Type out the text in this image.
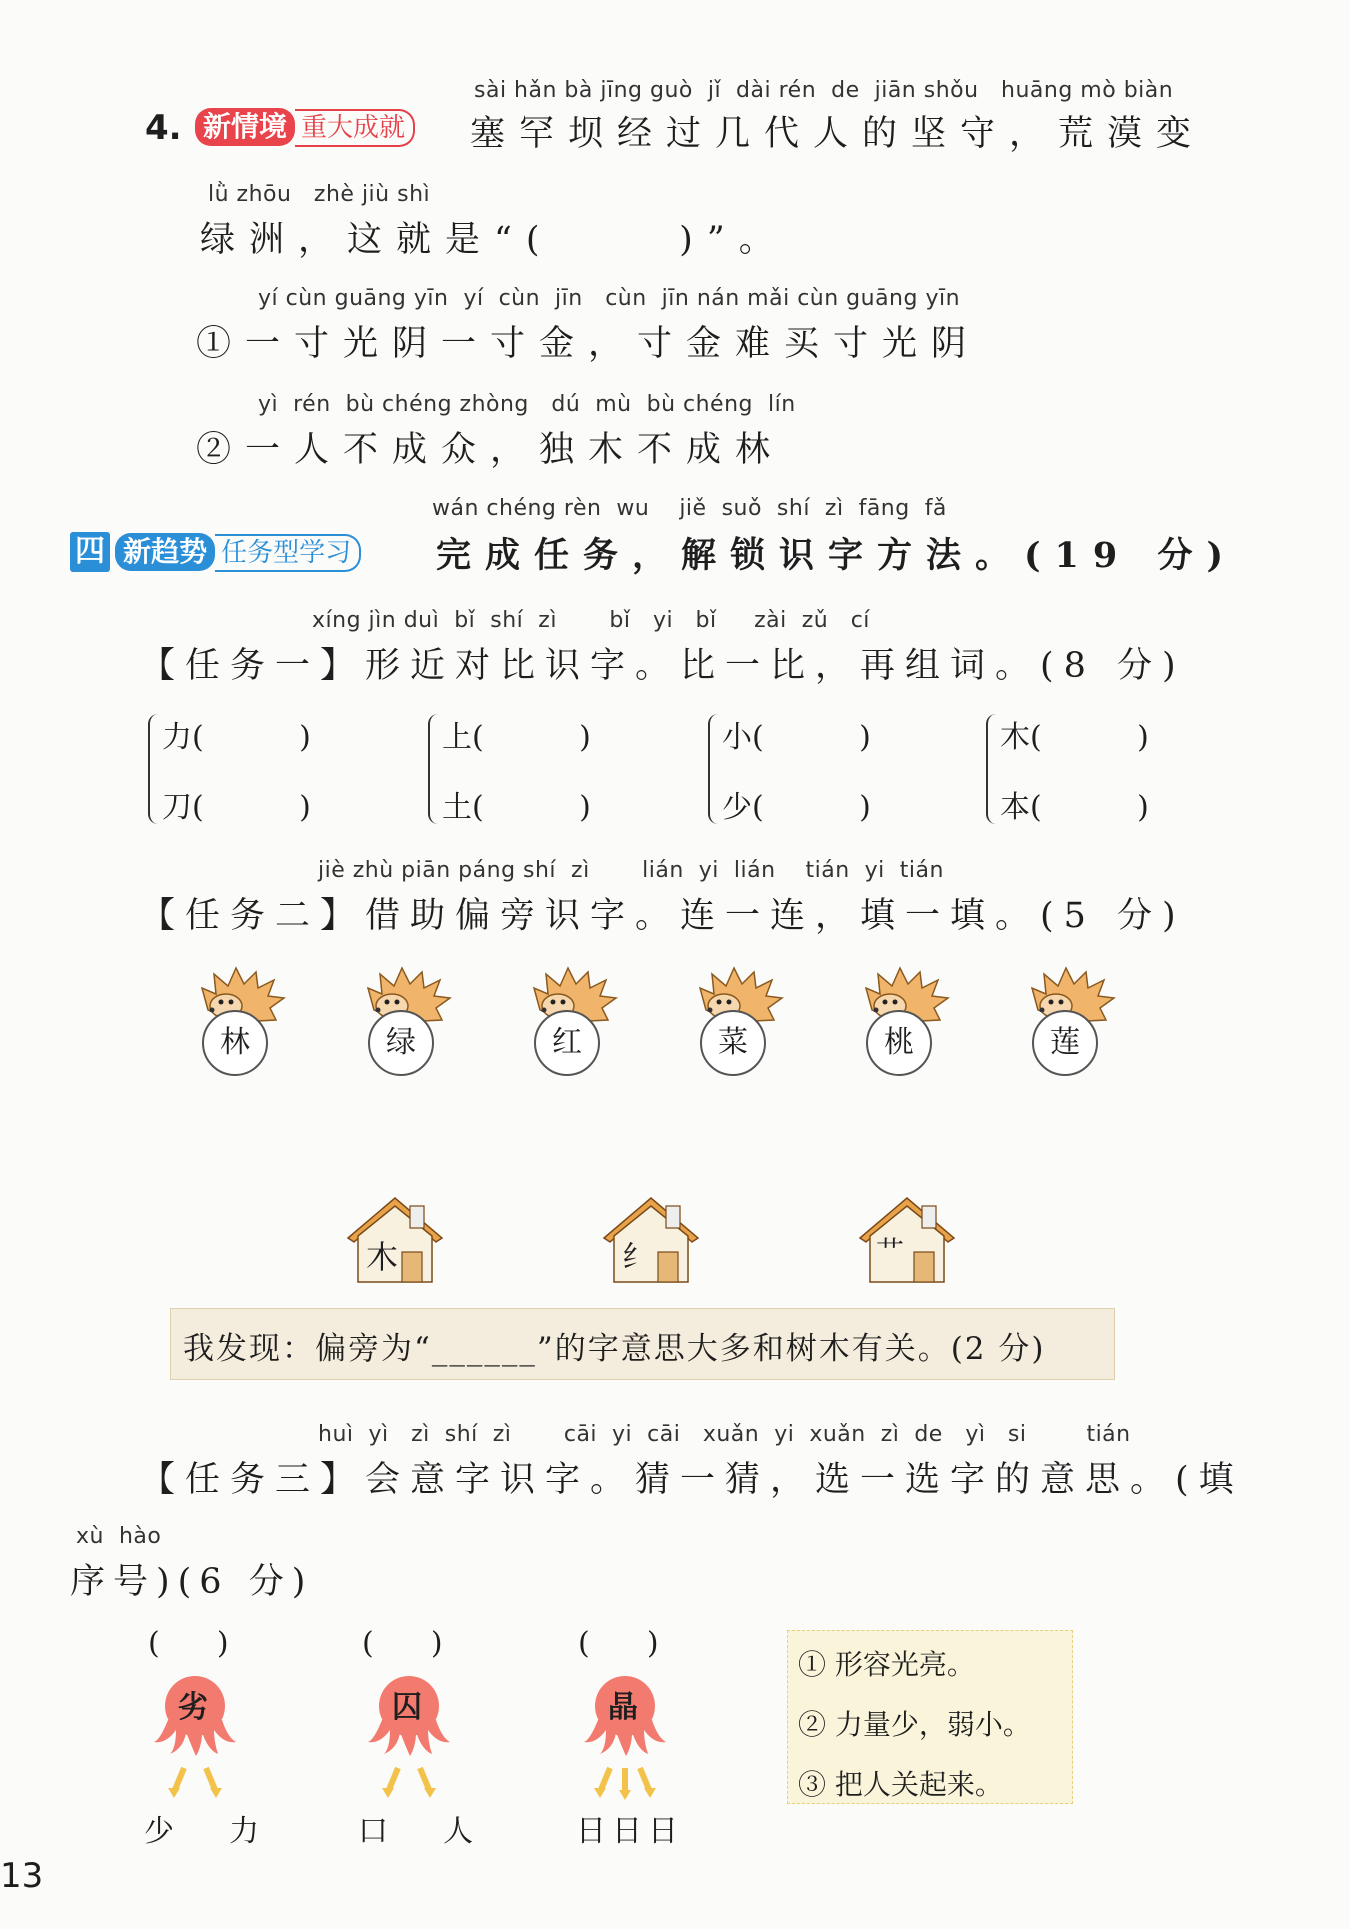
sài hǎn bà jīng guò  jǐ  dài rén  de  jiān shǒu   huāng mò biàn
4. 新情境 重大成就 塞罕坝经过几代人的坚守，荒漠变
lǜ zhōu   zhè jiù shì
绿洲，这就是“(     )”。
yí cùn guāng yīn  yí  cùn  jīn   cùn  jīn nán mǎi cùn guāng yīn
①一寸光阴一寸金，寸金难买寸光阴
yì  rén  bù chéng zhòng   dú  mù  bù chéng  lín
②一人不成众，独木不成林
wán chéng rèn  wu    jiě  suǒ  shí  zì  fāng  fǎ
四 新趋势 任务型学习 完成任务，解锁识字方法。(19 分)
xíng jìn duì  bǐ  shí  zì       bǐ   yi   bǐ     zài  zǔ   cí
【任务一】形近对比识字。比一比，再组词。(8 分)
力(          )
刀(          )
上(          )
土(          )
小(          )
少(          )
木(          )
本(          )
jiè zhù piān páng shí  zì       lián  yi  lián    tián  yi  tián
【任务二】借助偏旁识字。连一连，填一填。(5 分)
林	绿	红	菜	桃	莲
木	纟	艹
我发现：偏旁为“______”的字意思大多和树木有关。(2 分)
huì  yì   zì  shí  zì       cāi  yi  cāi   xuǎn  yi  xuǎn  zì  de   yì   si        tián
【任务三】会意字识字。猜一猜，选一选字的意思。(填
xù  hào
序号)(6 分)
(      )
劣
少  力
(      )
囚
口  人
(      )
晶
日日日
① 形容光亮。
② 力量少，弱小。
③ 把人关起来。
13
